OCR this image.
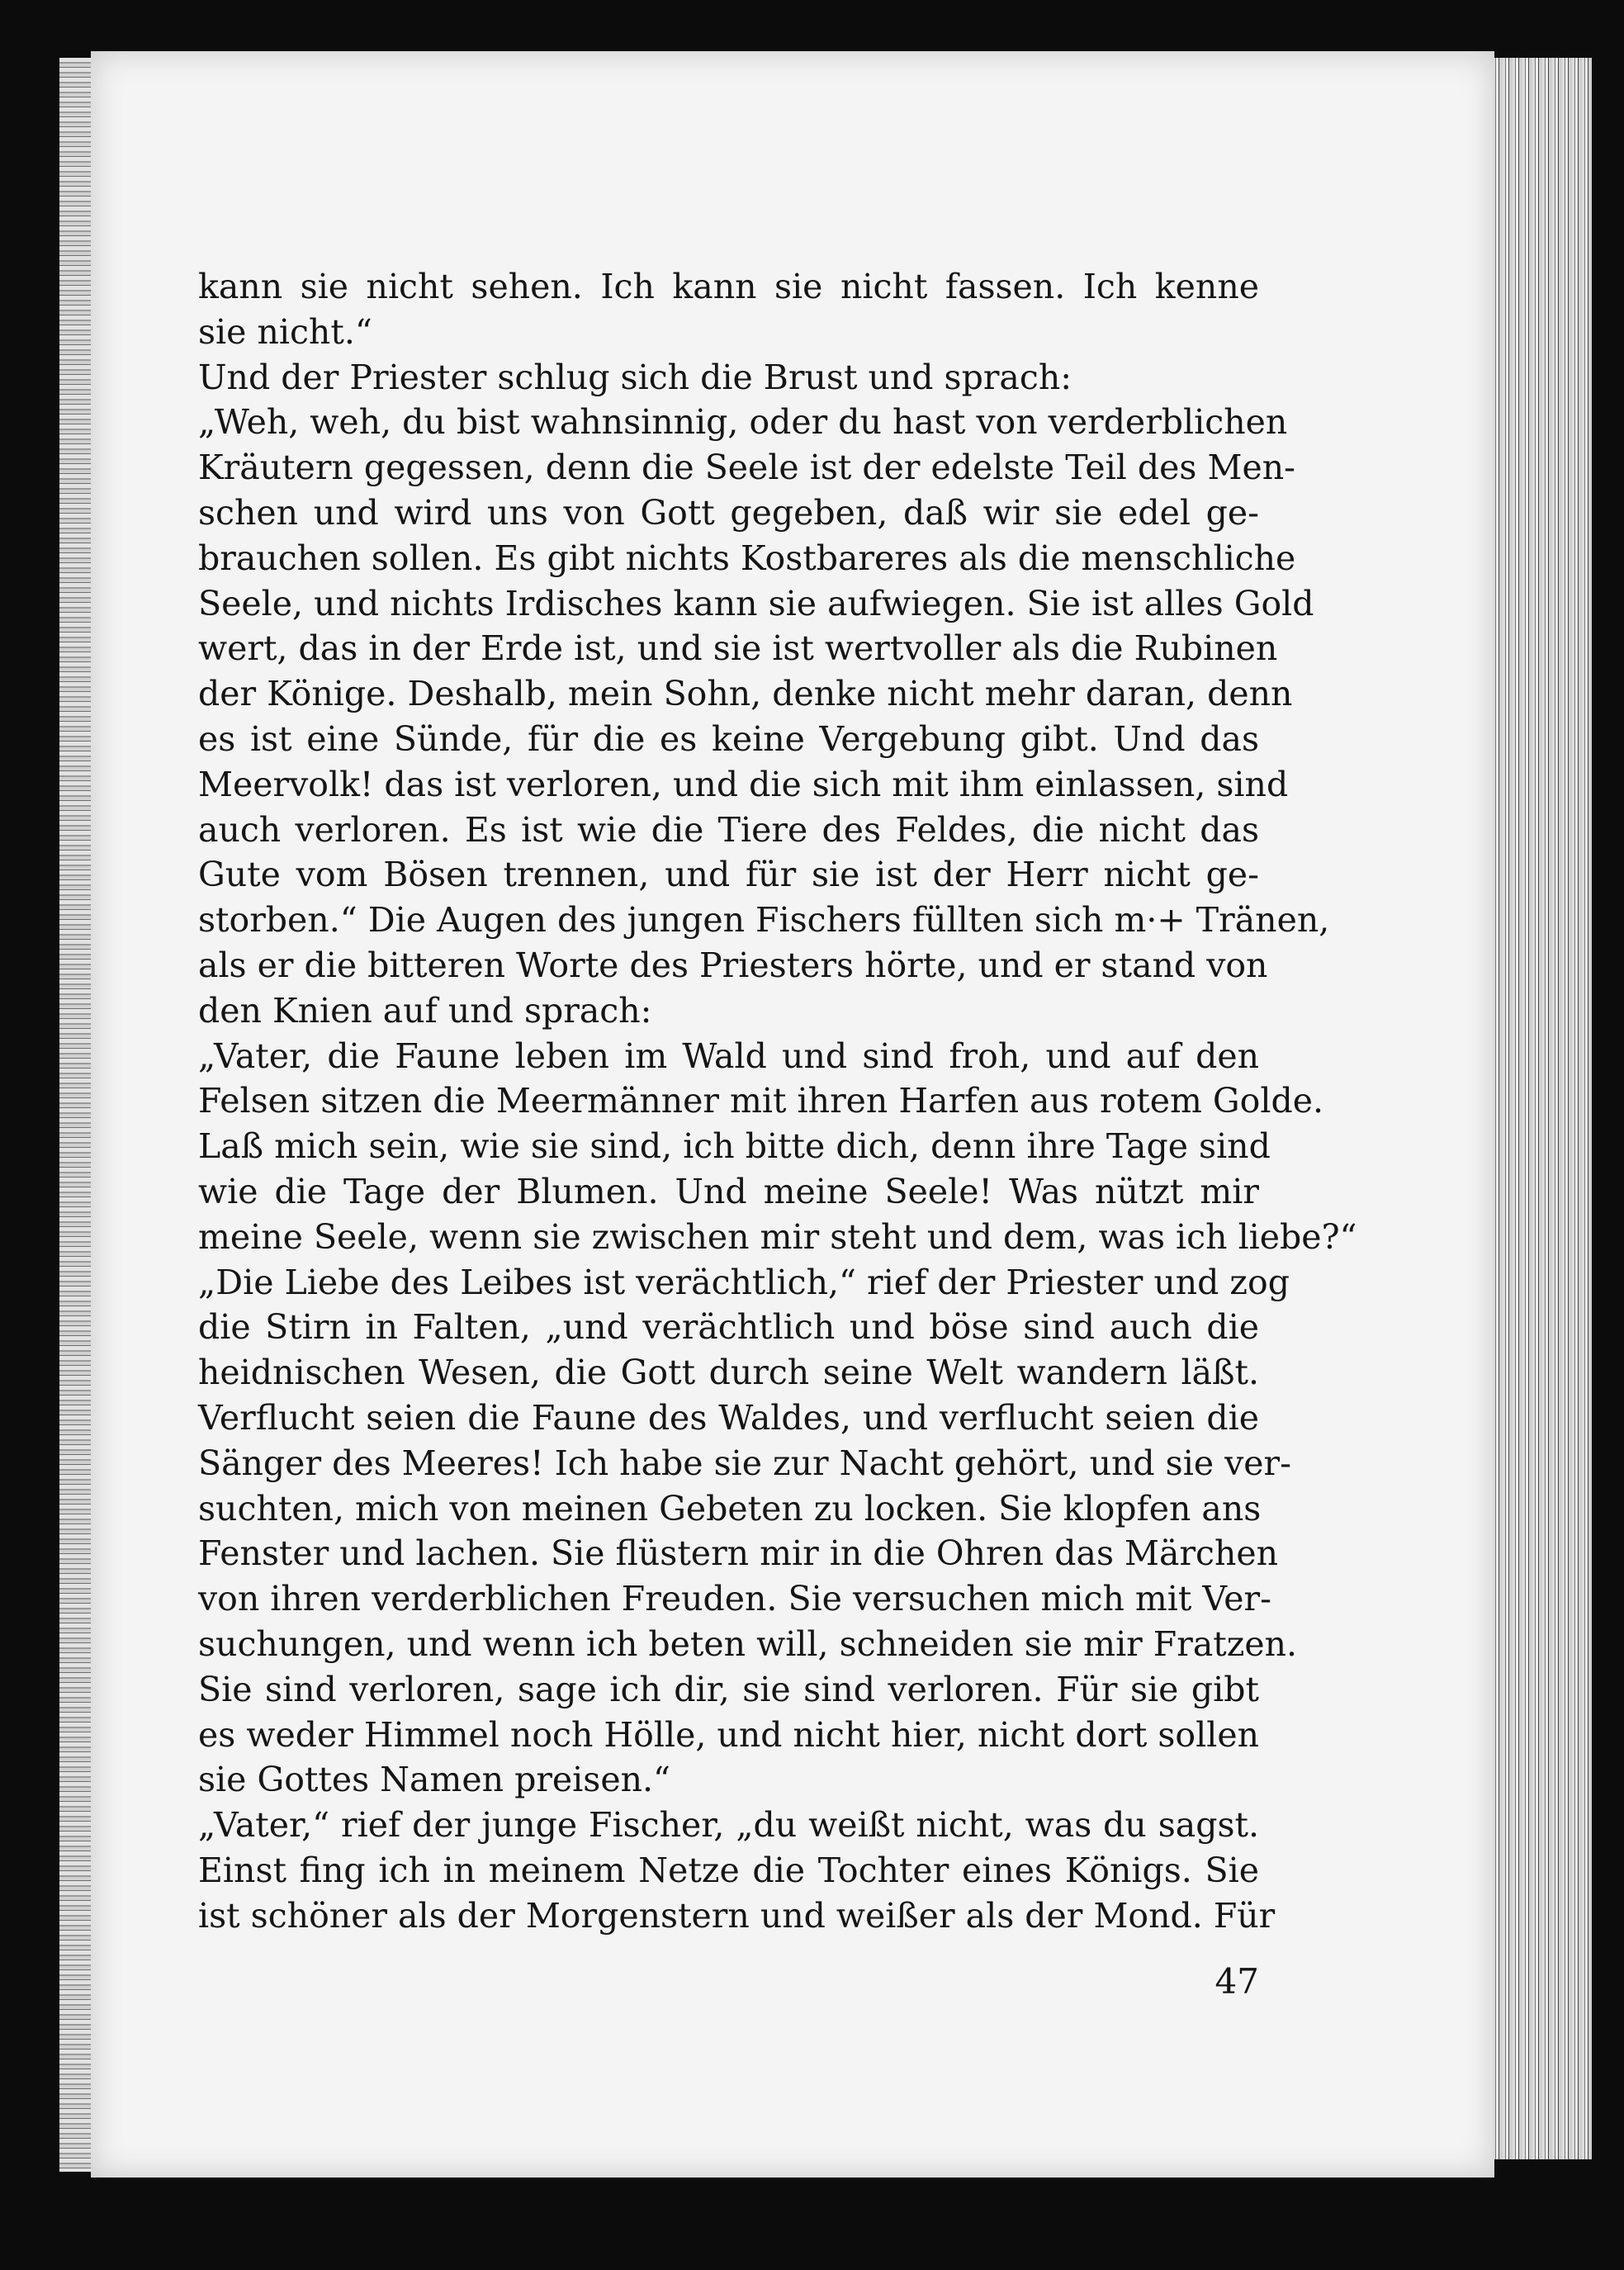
kann sie nicht sehen. Ich kann sie nicht fassen. Ich kenne
sie nicht.“
Und der Priester schlug sich die Brust und sprach:
„Weh, weh, du bist wahnsinnig, oder du hast von verderblichen
Kräutern gegessen, denn die Seele ist der edelste Teil des Men-
schen und wird uns von Gott gegeben, daß wir sie edel ge-
brauchen sollen. Es gibt nichts Kostbareres als die menschliche
Seele, und nichts Irdisches kann sie aufwiegen. Sie ist alles Gold
wert, das in der Erde ist, und sie ist wertvoller als die Rubinen
der Könige. Deshalb, mein Sohn, denke nicht mehr daran, denn
es ist eine Sünde, für die es keine Vergebung gibt. Und das
Meervolk! das ist verloren, und die sich mit ihm einlassen, sind
auch verloren. Es ist wie die Tiere des Feldes, die nicht das
Gute vom Bösen trennen, und für sie ist der Herr nicht ge-
storben.“ Die Augen des jungen Fischers füllten sich m·+ Tränen,
als er die bitteren Worte des Priesters hörte, und er stand von
den Knien auf und sprach:
„Vater, die Faune leben im Wald und sind froh, und auf den
Felsen sitzen die Meermänner mit ihren Harfen aus rotem Golde.
Laß mich sein, wie sie sind, ich bitte dich, denn ihre Tage sind
wie die Tage der Blumen. Und meine Seele! Was nützt mir
meine Seele, wenn sie zwischen mir steht und dem, was ich liebe?“
„Die Liebe des Leibes ist verächtlich,“ rief der Priester und zog
die Stirn in Falten, „und verächtlich und böse sind auch die
heidnischen Wesen, die Gott durch seine Welt wandern läßt.
Verflucht seien die Faune des Waldes, und verflucht seien die
Sänger des Meeres! Ich habe sie zur Nacht gehört, und sie ver-
suchten, mich von meinen Gebeten zu locken. Sie klopfen ans
Fenster und lachen. Sie flüstern mir in die Ohren das Märchen
von ihren verderblichen Freuden. Sie versuchen mich mit Ver-
suchungen, und wenn ich beten will, schneiden sie mir Fratzen.
Sie sind verloren, sage ich dir, sie sind verloren. Für sie gibt
es weder Himmel noch Hölle, und nicht hier, nicht dort sollen
sie Gottes Namen preisen.“
„Vater,“ rief der junge Fischer, „du weißt nicht, was du sagst.
Einst fing ich in meinem Netze die Tochter eines Königs. Sie
ist schöner als der Morgenstern und weißer als der Mond. Für
47
